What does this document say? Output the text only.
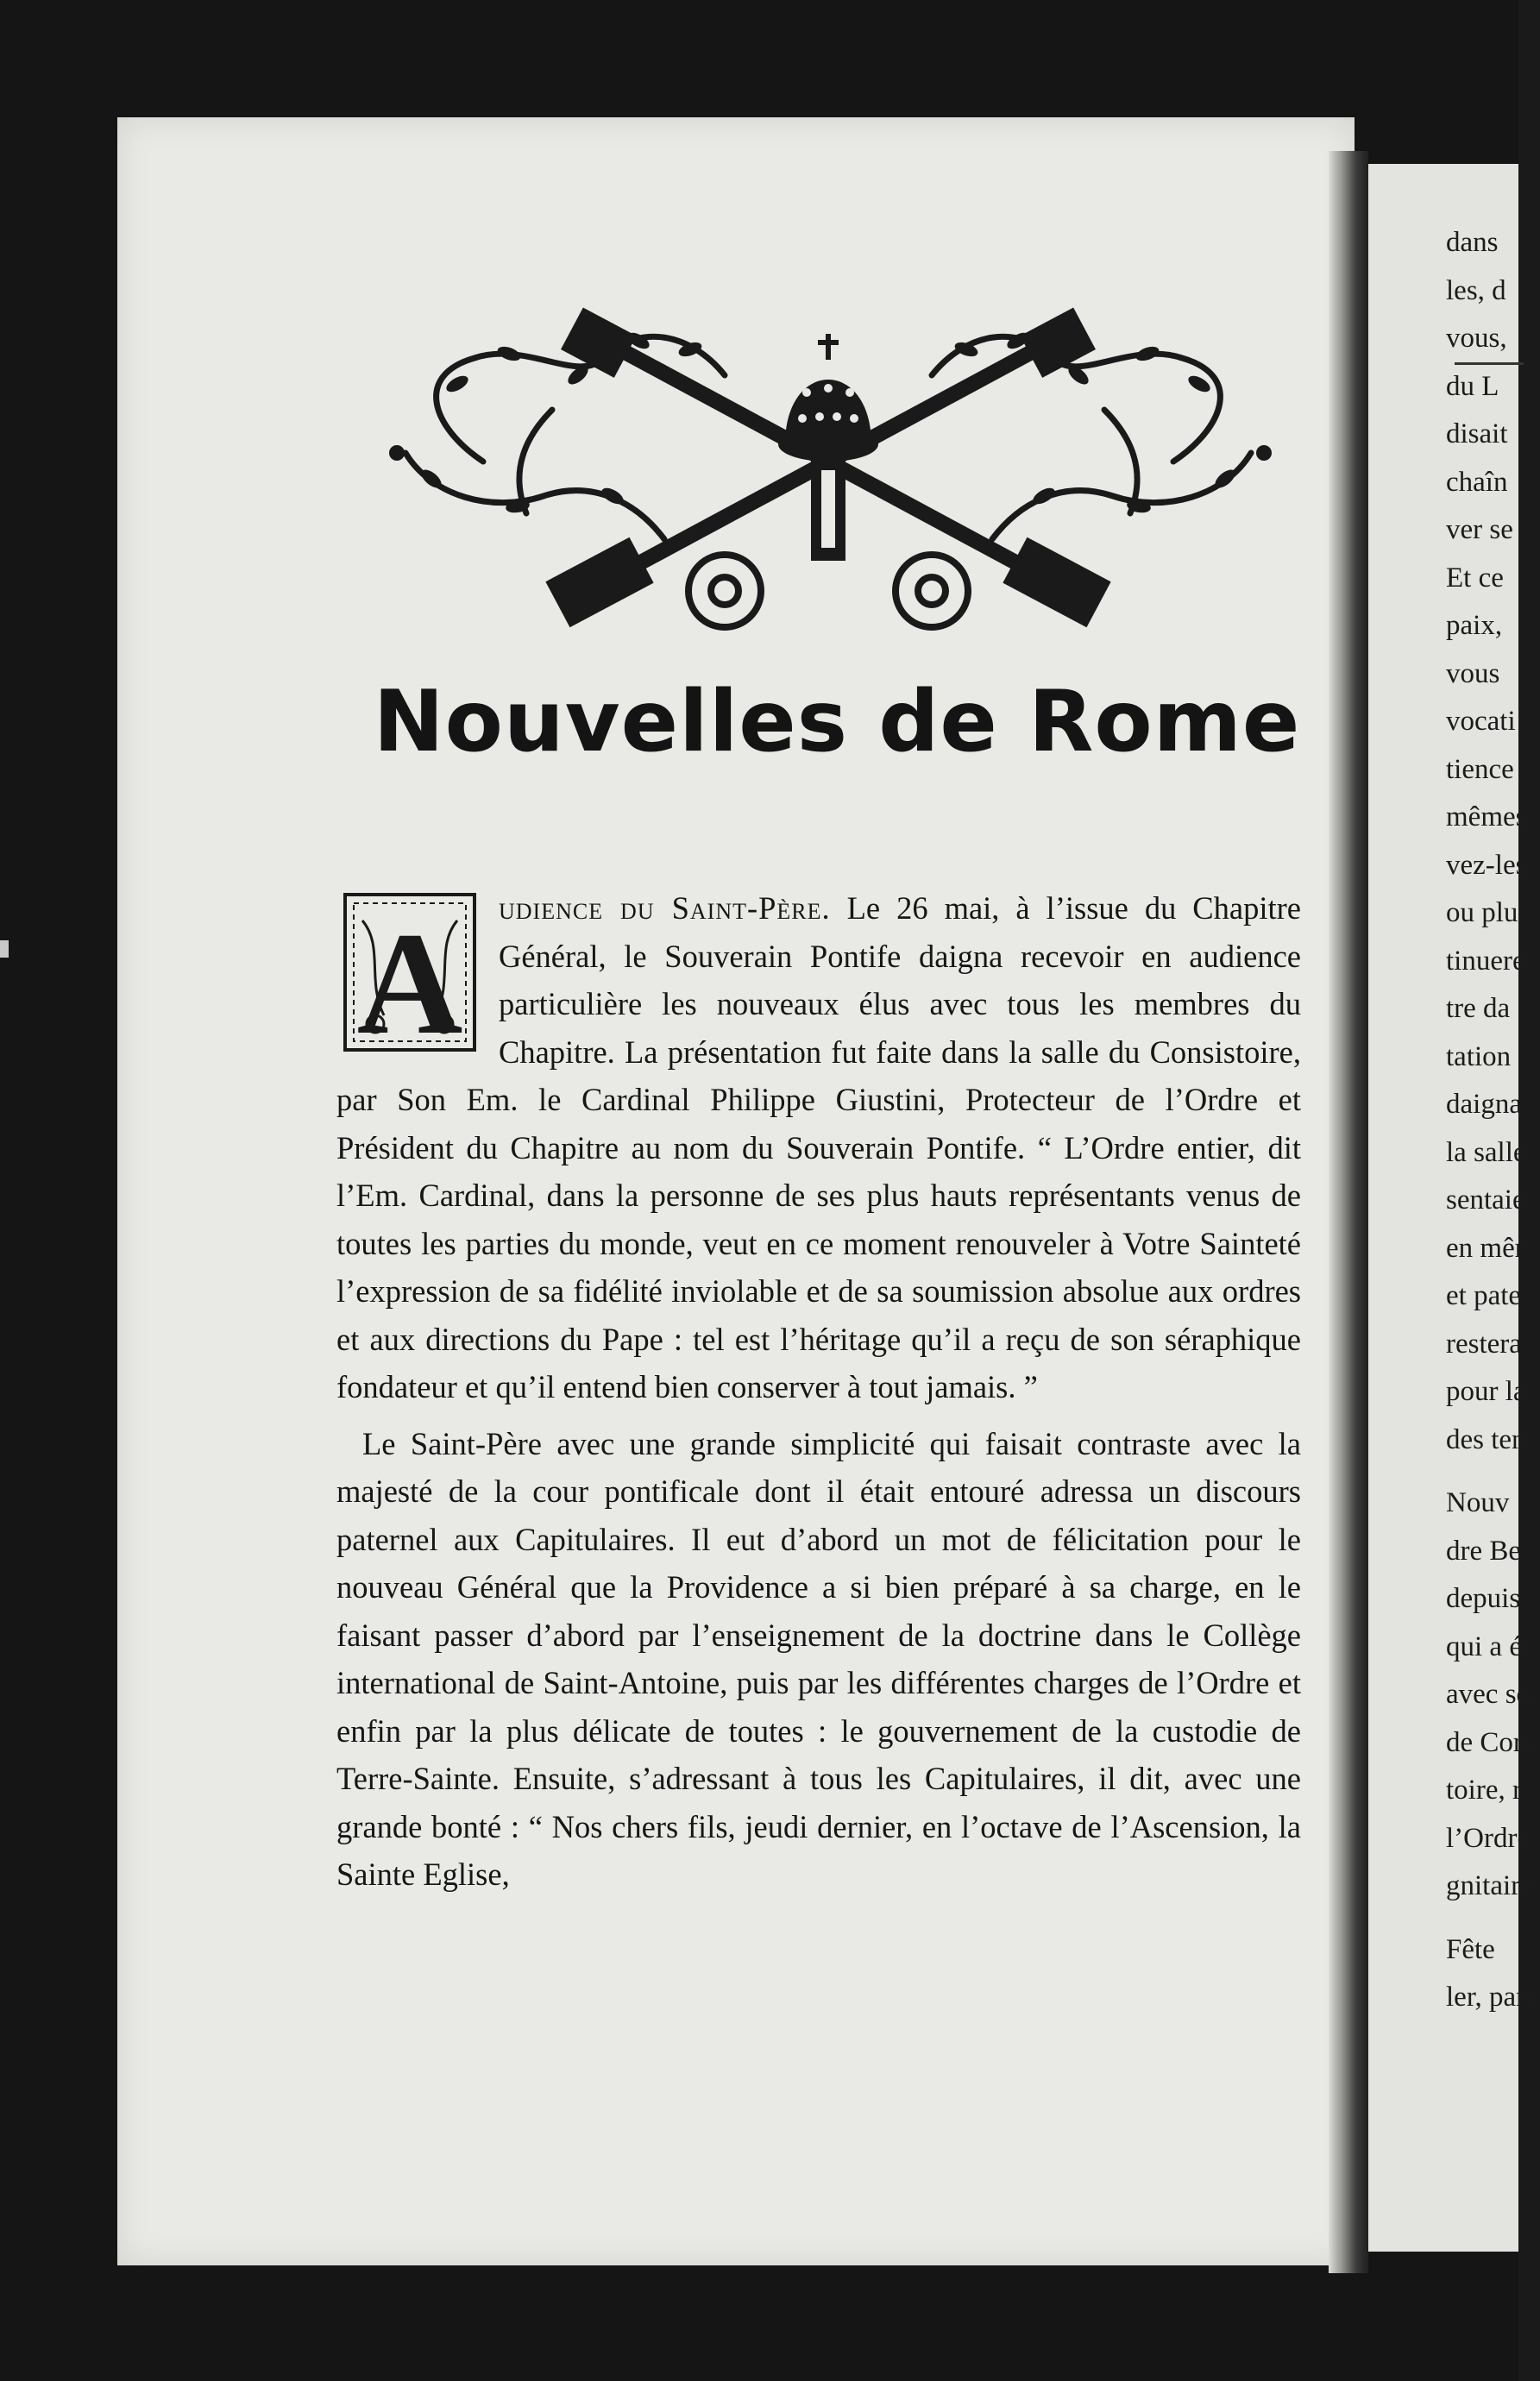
dans
les, d
vous,
du L
disait
chaîn
ver se
Et ce
paix,
vous
vocati
tience
mêmes
vez-les
ou plu
tinuere
tre da
tation
daigna
la salle
sentaie
en mêr
et pate
restera
pour la
des ten
Nouv
dre Be
depuis
qui a ét
avec so
de Cors
toire, r
l’Ordre
gnitaire.
Fête
ler, parc
Nouvelles de Rome

A udience du Saint-Père. Le 26 mai, à l’issue du Chapitre Général, le Souverain Pontife daigna recevoir en audience particulière les nouveaux élus avec tous les membres du Chapitre. La présentation fut faite dans la salle du Consistoire, par Son Em. le Cardinal Philippe Giustini, Protecteur de l’Ordre et Président du Chapitre au nom du Souverain Pontife. “ L’Ordre entier, dit l’Em. Cardinal, dans la personne de ses plus hauts représentants venus de toutes les parties du monde, veut en ce moment renouveler à Votre Sainteté l’expression de sa fidélité inviolable et de sa soumission absolue aux ordres et aux directions du Pape : tel est l’héritage qu’il a reçu de son séraphique fondateur et qu’il entend bien conserver à tout jamais. ”

Le Saint-Père avec une grande simplicité qui faisait contraste avec la majesté de la cour pontificale dont il était entouré adressa un discours paternel aux Capitulaires. Il eut d’abord un mot de félicitation pour le nouveau Général que la Providence a si bien préparé à sa charge, en le faisant passer d’abord par l’enseignement de la doctrine dans le Collège international de Saint-Antoine, puis par les différentes charges de l’Ordre et enfin par la plus délicate de toutes : le gouvernement de la custodie de Terre-Sainte. Ensuite, s’adressant à tous les Capitulaires, il dit, avec une grande bonté : “ Nos chers fils, jeudi dernier, en l’octave de l’Ascension, la Sainte Eglise,
